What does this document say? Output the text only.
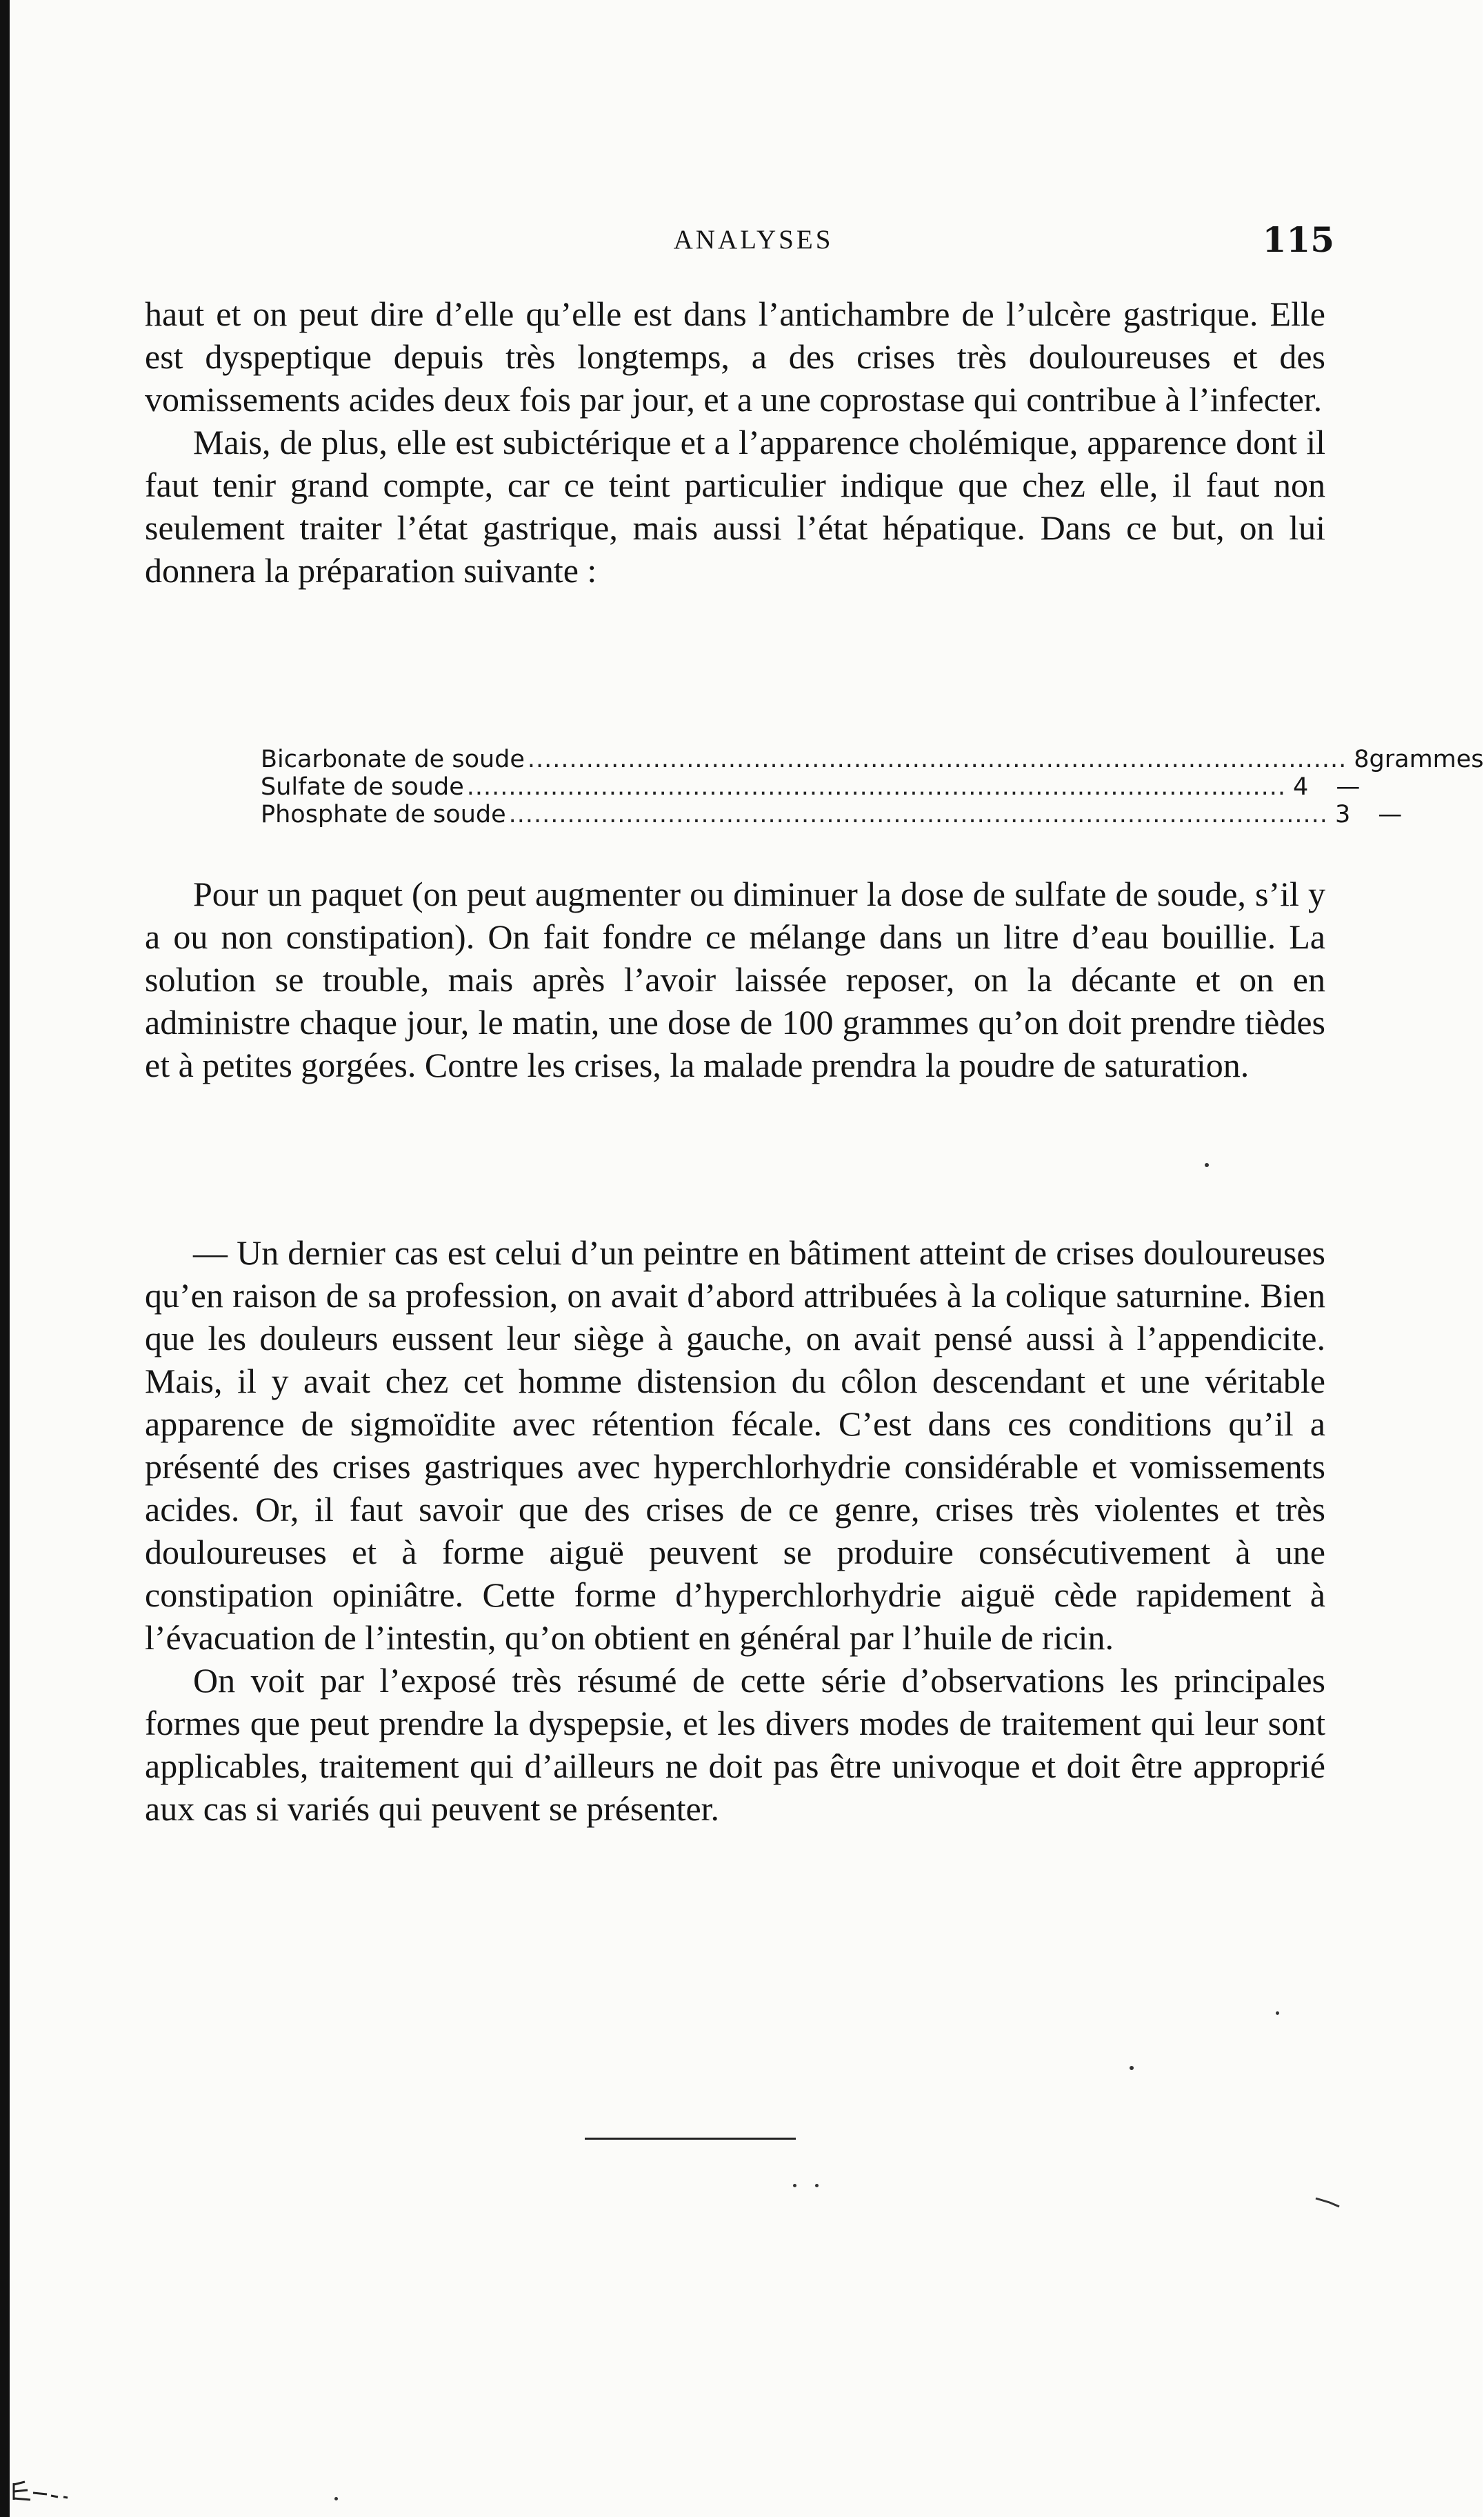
ANALYSES	115

haut et on peut dire d’elle qu’elle est dans l’antichambre de l’ulcère gastrique. Elle est dyspeptique depuis très longtemps, a des crises très douloureuses et des vomissements acides deux fois par jour, et a une coprostase qui contribue à l’infecter.

Mais, de plus, elle est subictérique et a l’apparence cholémique, apparence dont il faut tenir grand compte, car ce teint particulier indique que chez elle, il faut non seulement traiter l’état gastrique, mais aussi l’état hépatique. Dans ce but, on lui donnera la préparation suivante :

Bicarbonate de soude .................................................................................................. 8 grammes
Sulfate de soude .................................................................................................. 4	—
Phosphate de soude .................................................................................................. 3	—

Pour un paquet (on peut augmenter ou diminuer la dose de sulfate de soude, s’il y a ou non constipation). On fait fondre ce mélange dans un litre d’eau bouillie. La solution se trouble, mais après l’avoir laissée reposer, on la décante et on en administre chaque jour, le matin, une dose de 100 grammes qu’on doit prendre tièdes et à petites gorgées. Contre les crises, la malade prendra la poudre de saturation.

— Un dernier cas est celui d’un peintre en bâtiment atteint de crises douloureuses qu’en raison de sa profession, on avait d’abord attribuées à la colique saturnine. Bien que les douleurs eussent leur siège à gauche, on avait pensé aussi à l’appendicite. Mais, il y avait chez cet homme distension du côlon descendant et une véritable apparence de sigmoïdite avec rétention fécale. C’est dans ces conditions qu’il a présenté des crises gastriques avec hyperchlorhydrie considérable et vomissements acides. Or, il faut savoir que des crises de ce genre, crises très violentes et très douloureuses et à forme aiguë peuvent se produire consécutivement à une constipation opiniâtre. Cette forme d’hyperchlorhydrie aiguë cède rapidement à l’évacuation de l’intestin, qu’on obtient en général par l’huile de ricin.

On voit par l’exposé très résumé de cette série d’observations les principales formes que peut prendre la dyspepsie, et les divers modes de traitement qui leur sont applicables, traitement qui d’ailleurs ne doit pas être univoque et doit être approprié aux cas si variés qui peuvent se présenter.
